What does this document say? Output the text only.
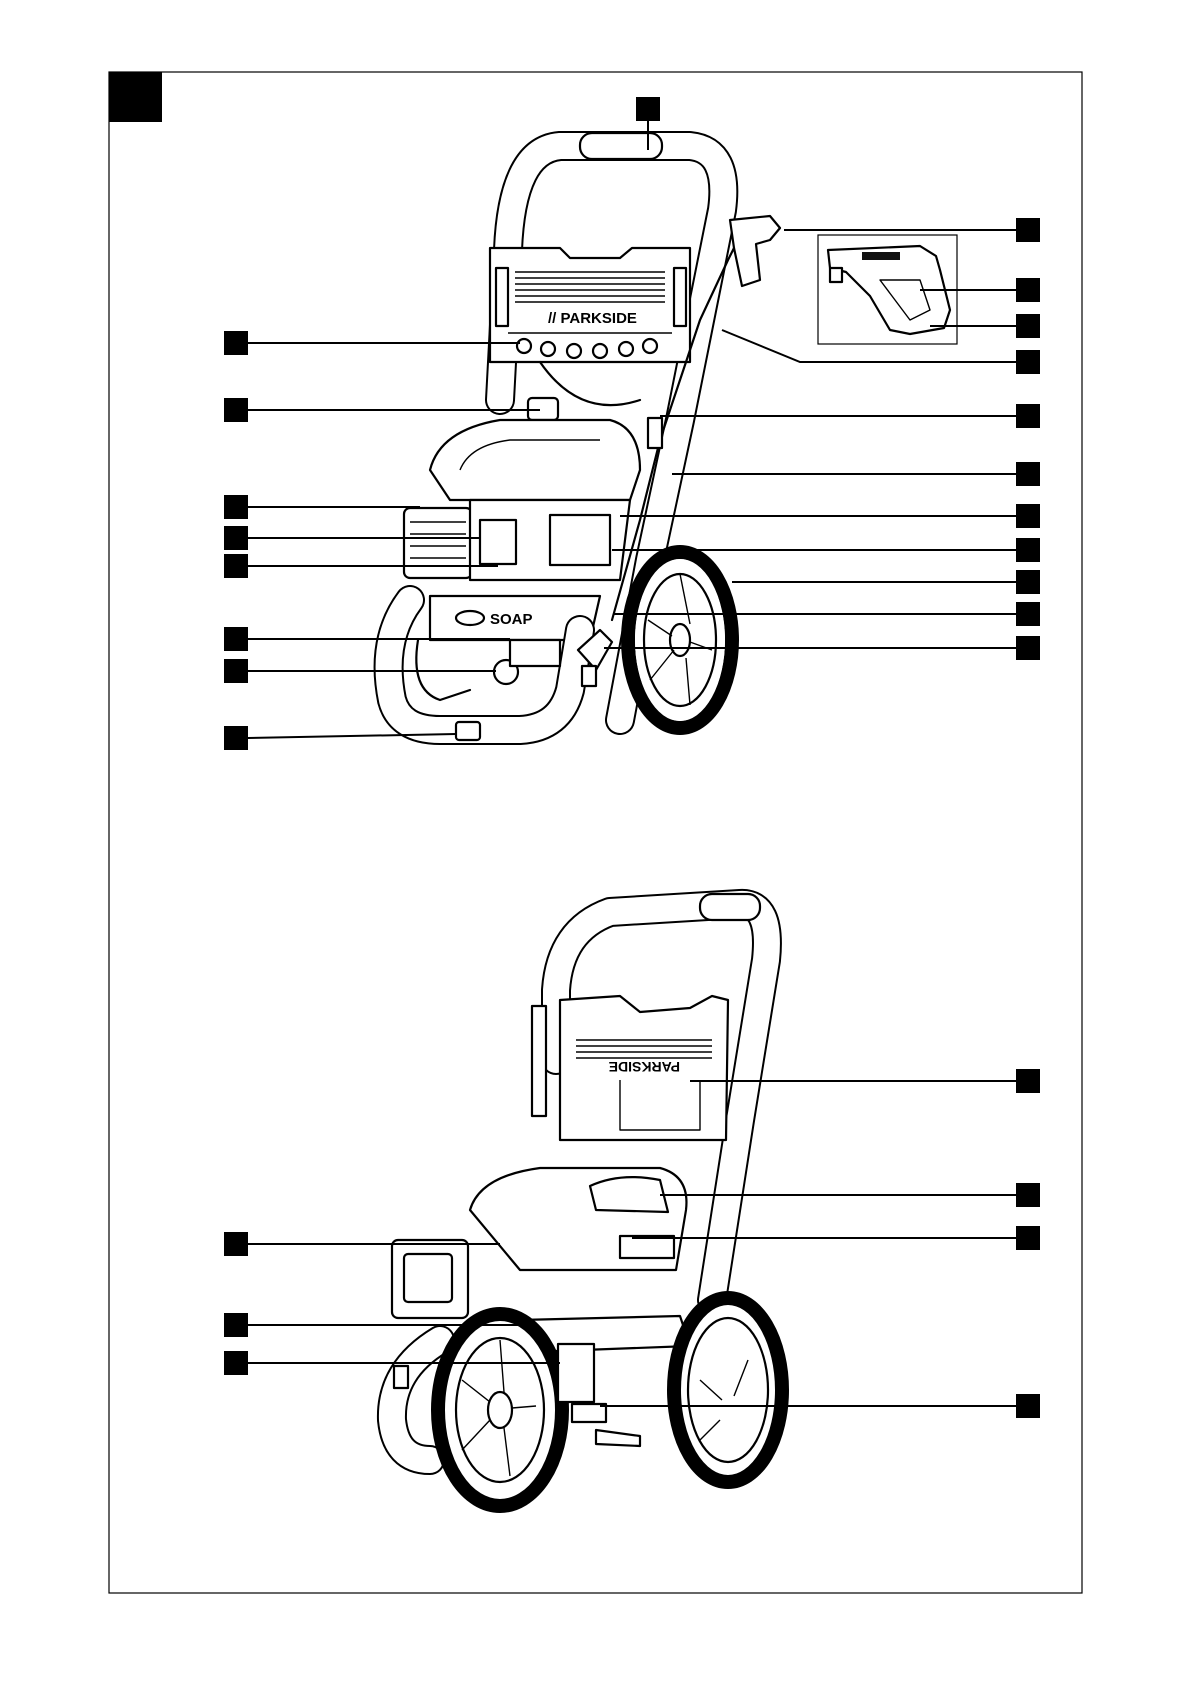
// PARKSIDE
SOAP
PARKSIDE
